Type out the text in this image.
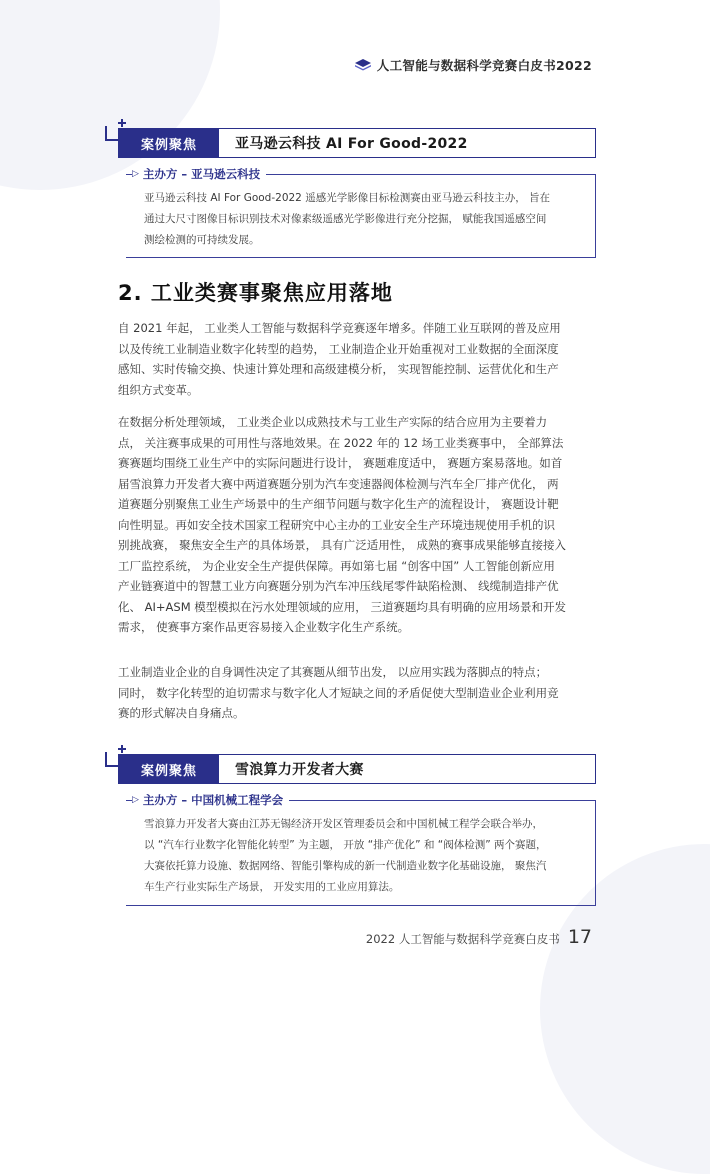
人工智能与数据科学竞赛白皮书2022
案例聚焦	亚马逊云科技 AI For Good-2022
▷ 主办方 – 亚马逊云科技
亚马逊云科技 AI For Good-2022 遥感光学影像目标检测赛由亚马逊云科技主办， 旨在
通过大尺寸图像目标识别技术对像素级遥感光学影像进行充分挖掘， 赋能我国遥感空间
测绘检测的可持续发展。
2. 工业类赛事聚焦应用落地
自 2021 年起， 工业类人工智能与数据科学竞赛逐年增多。伴随工业互联网的普及应用
以及传统工业制造业数字化转型的趋势， 工业制造企业开始重视对工业数据的全面深度
感知、实时传输交换、快速计算处理和高级建模分析， 实现智能控制、运营优化和生产
组织方式变革。
在数据分析处理领域， 工业类企业以成熟技术与工业生产实际的结合应用为主要着力
点， 关注赛事成果的可用性与落地效果。在 2022 年的 12 场工业类赛事中， 全部算法
赛赛题均围绕工业生产中的实际问题进行设计， 赛题难度适中， 赛题方案易落地。如首
届雪浪算力开发者大赛中两道赛题分别为汽车变速器阀体检测与汽车全厂排产优化， 两
道赛题分别聚焦工业生产场景中的生产细节问题与数字化生产的流程设计， 赛题设计靶
向性明显。再如安全技术国家工程研究中心主办的工业安全生产环境违规使用手机的识
别挑战赛， 聚焦安全生产的具体场景， 具有广泛适用性， 成熟的赛事成果能够直接接入
工厂监控系统， 为企业安全生产提供保障。再如第七届 “创客中国” 人工智能创新应用
产业链赛道中的智慧工业方向赛题分别为汽车冲压线尾零件缺陷检测、 线缆制造排产优
化、 AI+ASM 模型模拟在污水处理领域的应用， 三道赛题均具有明确的应用场景和开发
需求， 使赛事方案作品更容易接入企业数字化生产系统。
工业制造业企业的自身调性决定了其赛题从细节出发， 以应用实践为落脚点的特点；
同时， 数字化转型的迫切需求与数字化人才短缺之间的矛盾促使大型制造业企业利用竞
赛的形式解决自身痛点。
案例聚焦	雪浪算力开发者大赛
▷ 主办方 – 中国机械工程学会
雪浪算力开发者大赛由江苏无锡经济开发区管理委员会和中国机械工程学会联合举办，
以 “汽车行业数字化智能化转型” 为主题， 开放 “排产优化” 和 “阀体检测” 两个赛题，
大赛依托算力设施、数据网络、智能引擎构成的新一代制造业数字化基础设施， 聚焦汽
车生产行业实际生产场景， 开发实用的工业应用算法。
2022 人工智能与数据科学竞赛白皮书 17
